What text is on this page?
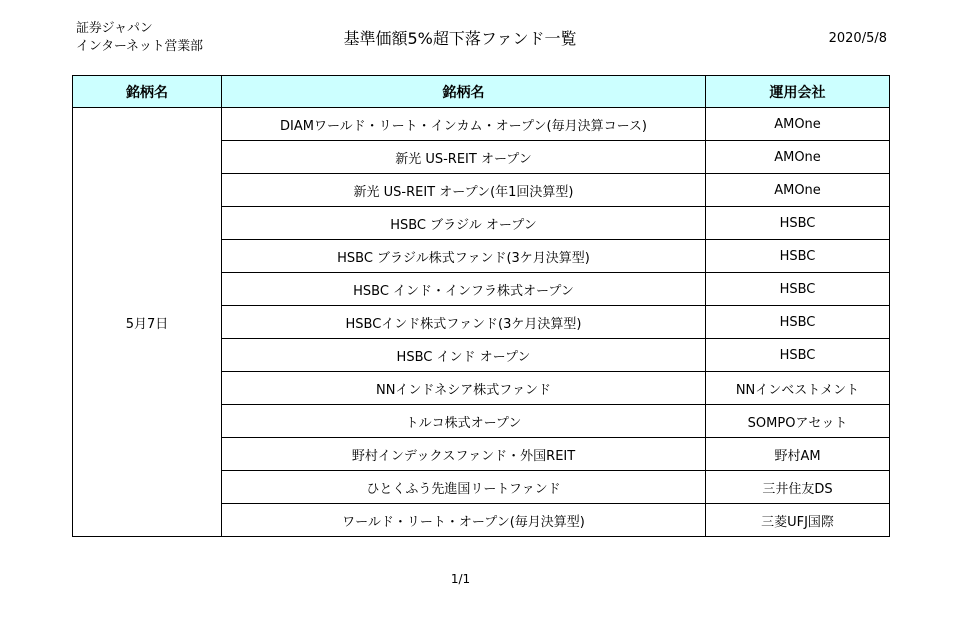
証券ジャパン
インターネット営業部	基準価額5%超下落ファンド一覧	2020/5/8
銘柄名	銘柄名	運用会社
5月7日	DIAMワールド・リート・インカム・オープン(毎月決算コース)	AMOne
	新光 US-REIT オープン	AMOne
	新光 US-REIT オープン(年1回決算型)	AMOne
	HSBC ブラジル オープン	HSBC
	HSBC ブラジル株式ファンド(3ケ月決算型)	HSBC
	HSBC インド・インフラ株式オープン	HSBC
	HSBCインド株式ファンド(3ケ月決算型)	HSBC
	HSBC インド オープン	HSBC
	NNインドネシア株式ファンド	NNインベストメント
	トルコ株式オープン	SOMPOアセット
	野村インデックスファンド・外国REIT	野村AM
	ひとくふう先進国リートファンド	三井住友DS
	ワールド・リート・オープン(毎月決算型)	三菱UFJ国際
1/1
